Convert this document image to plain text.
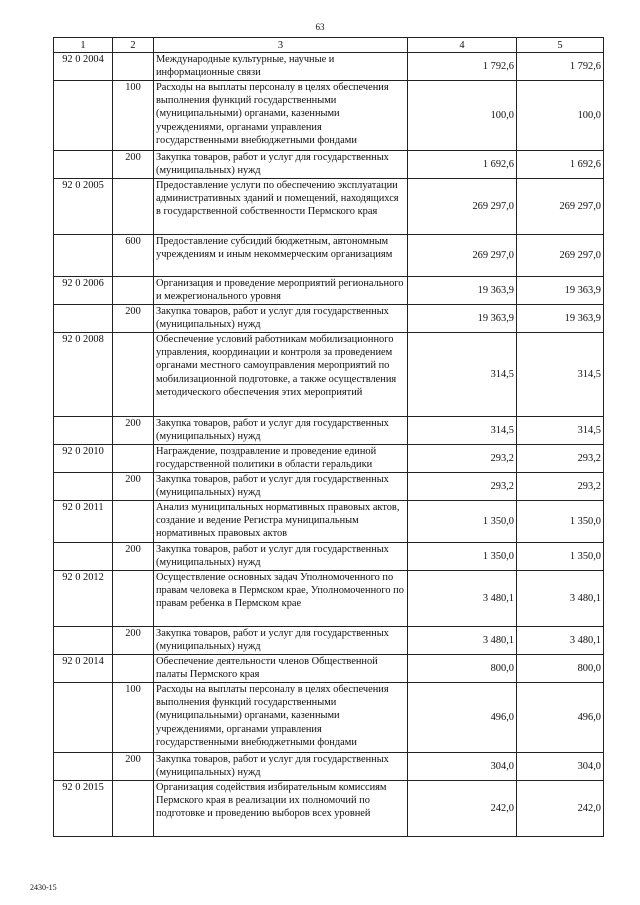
63
1	2	3	4	5
92 0 2004		Международные культурные, научные и информационные связи	1 792,6	1 792,6
	100	Расходы на выплаты персоналу в целях обеспечения выполнения функций государственными (муниципальными) органами, казенными учреждениями, органами управления государственными внебюджетными фондами	100,0	100,0
	200	Закупка товаров, работ и услуг для государственных (муниципальных) нужд	1 692,6	1 692,6
92 0 2005		Предоставление услуги по обеспечению эксплуатации административных зданий и помещений, находящихся в государственной собственности Пермского края	269 297,0	269 297,0
	600	Предоставление субсидий бюджетным, автономным учреждениям и иным некоммерческим организациям	269 297,0	269 297,0
92 0 2006		Организация и проведение мероприятий регионального и межрегионального уровня	19 363,9	19 363,9
	200	Закупка товаров, работ и услуг для государственных (муниципальных) нужд	19 363,9	19 363,9
92 0 2008		Обеспечение условий работникам мобилизационного управления, координации и контроля за проведением органами местного самоуправления мероприятий по мобилизационной подготовке, а также осуществления методического обеспечения этих мероприятий	314,5	314,5
	200	Закупка товаров, работ и услуг для государственных (муниципальных) нужд	314,5	314,5
92 0 2010		Награждение, поздравление и проведение единой государственной политики в области геральдики	293,2	293,2
	200	Закупка товаров, работ и услуг для государственных (муниципальных) нужд	293,2	293,2
92 0 2011		Анализ муниципальных нормативных правовых актов, создание и ведение Регистра муниципальным нормативных правовых актов	1 350,0	1 350,0
	200	Закупка товаров, работ и услуг для государственных (муниципальных) нужд	1 350,0	1 350,0
92 0 2012		Осуществление основных задач Уполномоченного по правам человека в Пермском крае, Уполномоченного по правам ребенка в Пермском крае	3 480,1	3 480,1
	200	Закупка товаров, работ и услуг для государственных (муниципальных) нужд	3 480,1	3 480,1
92 0 2014		Обеспечение деятельности членов Общественной палаты Пермского края	800,0	800,0
	100	Расходы на выплаты персоналу в целях обеспечения выполнения функций государственными (муниципальными) органами, казенными учреждениями, органами управления государственными внебюджетными фондами	496,0	496,0
	200	Закупка товаров, работ и услуг для государственных (муниципальных) нужд	304,0	304,0
92 0 2015		Организация содействия избирательным комиссиям Пермского края в реализации их полномочий по подготовке и проведению выборов всех уровней	242,0	242,0
2430-15
